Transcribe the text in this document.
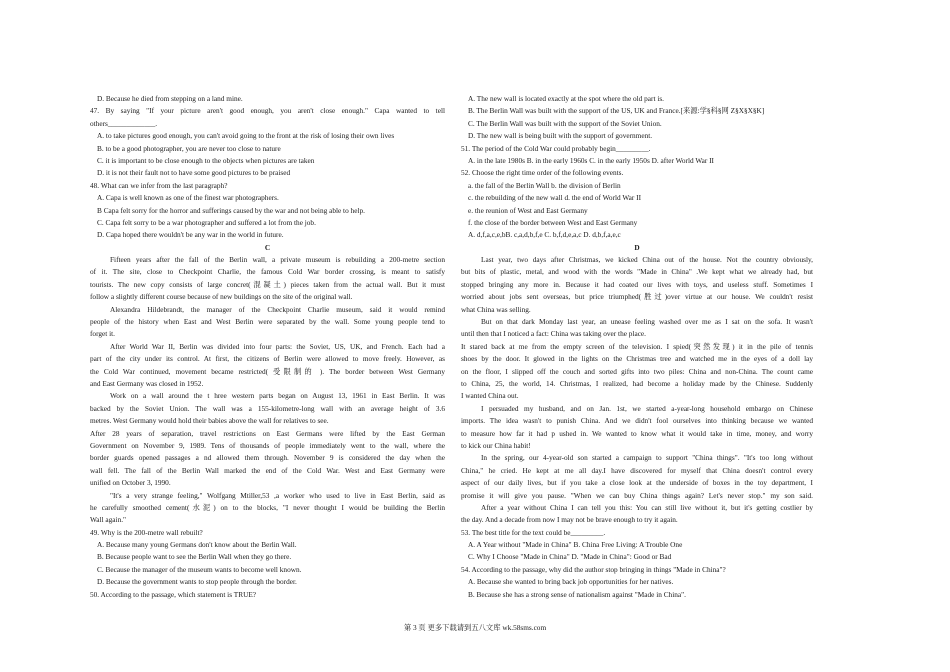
D. Because he died from stepping on a land mine.
47. By saying "If your picture aren't good enough, you aren't close enough." Capa wanted to tell
others_____________.
A. to take pictures good enough, you can't avoid going to the front at the risk of losing their own lives
B. to be a good photographer, you are never too close to nature
C. it is important to be close enough to the objects when pictures are taken
D. it is not their fault not to have some good pictures to be praised
48. What can we infer from the last paragraph?
A. Capa is well known as one of the finest war photographers.
B Capa felt sorry for the horror and sufferings caused by the war and not being able to help.
C. Capa felt sorry to be a war photographer and suffered a lot from the job.
D. Capa hoped there wouldn't be any war in the world in future.
C
Fifteen years after the fall of the Berlin wall, a private museum is rebuilding a 200-metre section
of it. The site, close to Checkpoint Charlie, the famous Cold War border crossing, is meant to satisfy
tourists. The new copy consists of large concret(混凝土) pieces taken from the actual wall. But it must
follow a slightly different course because of new buildings on the site of the original wall.
Alexandra Hildebrandt, the manager of the Checkpoint Charlie museum, said it would remind
people of the history when East and West Berlin were separated by the wall. Some young people tend to
forget it.
After World War II, Berlin was divided into four parts: the Soviet, US, UK, and French. Each had a
part of the city under its control. At first, the citizens of Berlin were allowed to move freely. However, as
the Cold War continued, movement became restricted( 受限制的 ). The border between West Germany
and East Germany was closed in 1952.
Work on a wall around the t hree western parts began on August 13, 1961 in East Berlin. It was
backed by the Soviet Union. The wall was a 155-kilometre-long wall with an average height of 3.6
metres. West Germany would hold their babies above the wall for relatives to see.
After 28 years of separation, travel restrictions on East Germans were lifted by the East German
Government on November 9, 1989. Tens of thousands of people immediately went to the wall, where the
border guards opened passages a nd allowed them through. November 9 is considered the day when the
wall fell. The fall of the Berlin Wall marked the end of the Cold War. West and East Germany were
unified on October 3, 1990.
"It's a very strange feeling," Wolfgang Mtiller,53 ,a worker who used to live in East Berlin, said as
he carefully smoothed cement(水泥) on to the blocks, "I never thought I would be building the Berlin
Wall again."
49. Why is the 200-metre wall rebuilt?
A. Because many young Germans don't know about the Berlin Wall.
B. Because people want to see the Berlin Wall when they go there.
C. Because the manager of the museum wants to become well known.
D. Because the government wants to stop people through the border.
50. According to the passage, which statement is TRUE?
A. The new wall is located exactly at the spot where the old part is.
B. The Berlin Wall was built with the support of the US, UK and France.[来源:学§科§网 Z§X§X§K]
C. The Berlin Wall was built with the support of the Soviet Union.
D. The new wall is being built with the support of government.
51. The period of the Cold War could probably begin_________.
A. in the late 1980s B. in the early 1960s C. in the early 1950s D. after World War II
52. Choose the right time order of the following events.
a. the fall of the Berlin Wall b. the division of Berlin
c. the rebuilding of the new wall d. the end of World War II
e. the reunion of West and East Germany
f. the close of the border between West and East Germany
A. d,f,a,c,e,bB. c,a,d,b,f,e C. b,f,d,e,a,c D. d,b,f,a,e,c
D
Last year, two days after Christmas, we kicked China out of the house. Not the country obviously,
but bits of plastic, metal, and wood with the words "Made in China" .We kept what we already had, but
stopped bringing any more in. Because it had coated our lives with toys, and useless stuff. Sometimes I
worried about jobs sent overseas, but price triumphed(胜过)over virtue at our house. We couldn't resist
what China was selling.
But on that dark Monday last year, an unease feeling washed over me as I sat on the sofa. It wasn't
until then that I noticed a fact: China was taking over the place.
It stared back at me from the empty screen of the television. I spied(突然发现) it in the pile of tennis
shoes by the door. It glowed in the lights on the Christmas tree and watched me in the eyes of a doll lay
on the floor, I slipped off the couch and sorted gifts into two piles: China and non-China. The count came
to China, 25, the world, 14. Christmas, I realized, had become a holiday made by the Chinese. Suddenly
I wanted China out.
I persuaded my husband, and on Jan. 1st, we started a-year-long household embargo on Chinese
imports. The idea wasn't to punish China. And we didn't fool ourselves into thinking because we wanted
to measure how far it had p ushed in. We wanted to know what it would take in time, money, and worry
to kick our China habit!
In the spring, our 4-year-old son started a campaign to support "China things". "It's too long without
China," he cried. He kept at me all day.I have discovered for myself that China doesn't control every
aspect of our daily lives, but if you take a close look at the underside of boxes in the toy department, I
promise it will give you pause. "When we can buy China things again? Let's never stop." my son said.
After a year without China I can tell you this: You can still live without it, but it's getting costlier by
the day. And a decade from now I may not be brave enough to try it again.
53. The best title for the text could be_________.
A. A Year without "Made in China" B. China Free Living: A Trouble One
C. Why I Choose "Made in China" D. "Made in China": Good or Bad
54. According to the passage, why did the author stop bringing in things "Made in China"?
A. Because she wanted to bring back job opportunities for her natives.
B. Because she has a strong sense of nationalism against "Made in China".
第 3 页 更多下载请到五八文库 wk.58sms.com
